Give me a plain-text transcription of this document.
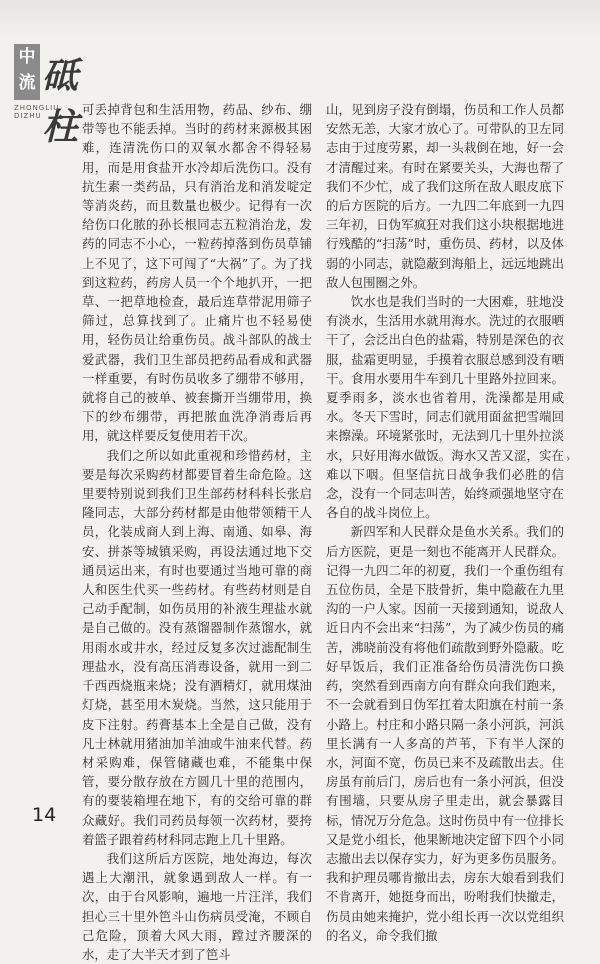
中
流 砥柱
ZHONGLIU DIZHU	可丢掉背包和生活用物，药品、纱布、绷带等也不能丢掉。当时的药材来源极其困难，连清洗伤口的双氧水都舍不得轻易用，而是用食盐开水冷却后洗伤口。没有抗生素一类药品，只有消治龙和消发啶定等消炎药，而且数量也极少。记得有一次给伤口化脓的孙长根同志五粒消治龙，发药的同志不小心，一粒药掉落到伤员草铺上不见了，这下可闯了“大祸”了。为了找到这粒药，药房人员一个个地扒开，一把草、一把草地检查，最后连草带泥用筛子筛过，总算找到了。止痛片也不轻易使用，轻伤员让给重伤员。战斗部队的战士爱武器，我们卫生部员把药品看成和武器一样重要，有时伤员收多了绷带不够用，就将自己的被单、被套撕开当绷带用，换下的纱布绷带，再把脓血洗净消毒后再用，就这样要反复使用若干次。

我们之所以如此重视和珍惜药材，主要是每次采购药材都要冒着生命危险。这里要特别说到我们卫生部药材科科长张启隆同志，大部分药材都是由他带领精干人员，化装成商人到上海、南通、如皋、海安、拼茶等城镇采购，再设法通过地下交通员运出来，有时也要通过当地可靠的商人和医生代买一些药材。有些药材则是自己动手配制，如伤员用的补液生理盐水就是自己做的。没有蒸馏器制作蒸馏水，就用雨水或井水，经过反复多次过滤配制生理盐水，没有高压消毒设备，就用一到二千西西烧瓶来烧；没有酒精灯，就用煤油灯烧，甚至用木炭烧。当然，这只能用于皮下注射。药膏基本上全是自己做，没有凡士林就用猪油加羊油或牛油来代替。药材采购难，保管储藏也难，不能集中保管，要分散存放在方圆几十里的范围内，有的要装箱埋在地下，有的交给可靠的群众藏好。我们司药员每领一次药材，要挎着篮子跟着药材科同志跑上几十里路。

我们这所后方医院，地处海边，每次遇上大潮汛，就象遇到敌人一样。有一次，由于台风影响，遍地一片汪洋，我们担心三十里外笆斗山伤病员受淹，不顾自己危险，顶着大风大雨，蹚过齐腰深的水，走了大半天才到了笆斗

山，见到房子没有倒塌，伤员和工作人员都安然无恙，大家才放心了。可带队的卫左同志由于过度劳累，却一头栽倒在地，好一会才清醒过来。有时在紧要关头，大海也帮了我们不少忙，成了我们这所在敌人眼皮底下的后方医院的后方。一九四二年底到一九四三年初，日伪军疯狂对我们这小块根据地进行残酷的“扫荡”时，重伤员、药材，以及体弱的小同志，就隐蔽到海船上，远远地跳出敌人包围圈之外。

饮水也是我们当时的一大困难，驻地没有淡水，生活用水就用海水。洗过的衣服晒干了，会泛出白色的盐霜，特别是深色的衣服，盐霜更明显，手摸着衣服总感到没有晒干。食用水要用牛车到几十里路外拉回来。夏季雨多，淡水也省着用，洗澡都是用咸水。冬天下雪时，同志们就用面盆把雪端回来擦澡。环境紧张时，无法到几十里外拉淡水，只好用海水做饭。海水又苦又涩，实在难以下咽。但坚信抗日战争我们必胜的信念，没有一个同志叫苦，始终顽强地坚守在各自的战斗岗位上。

新四军和人民群众是鱼水关系。我们的后方医院，更是一刻也不能离开人民群众。记得一九四二年的初夏，我们一个重伤组有五位伤员，全是下肢骨折，集中隐蔽在九里沟的一户人家。因前一天接到通知，说敌人近日内不会出来“扫荡”，为了减少伤员的痛苦，沸晓前没有将他们疏散到野外隐蔽。吃好早饭后，我们正准备给伤员清洗伤口换药，突然看到西南方向有群众向我们跑来，不一会就看到日伪军扛着太阳旗在村前一条小路上。村庄和小路只隔一条小河浜，河浜里长满有一人多高的芦苇，下有半人深的水，河面不宽，伤员已来不及疏散出去。住房虽有前后门，房后也有一条小河浜，但没有围墙，只要从房子里走出，就会暴露目标，情况万分危急。这时伤员中有一位排长又是党小组长，他果断地决定留下四个小同志撤出去以保存实力，好为更多伤员服务。我和护理员哪肯撤出去，房东大娘看到我们不肯离开，她挺身而出，吩咐我们快撤走，伤员由她来掩护，党小组长再一次以党组织的名义，命令我们撤

›
14
